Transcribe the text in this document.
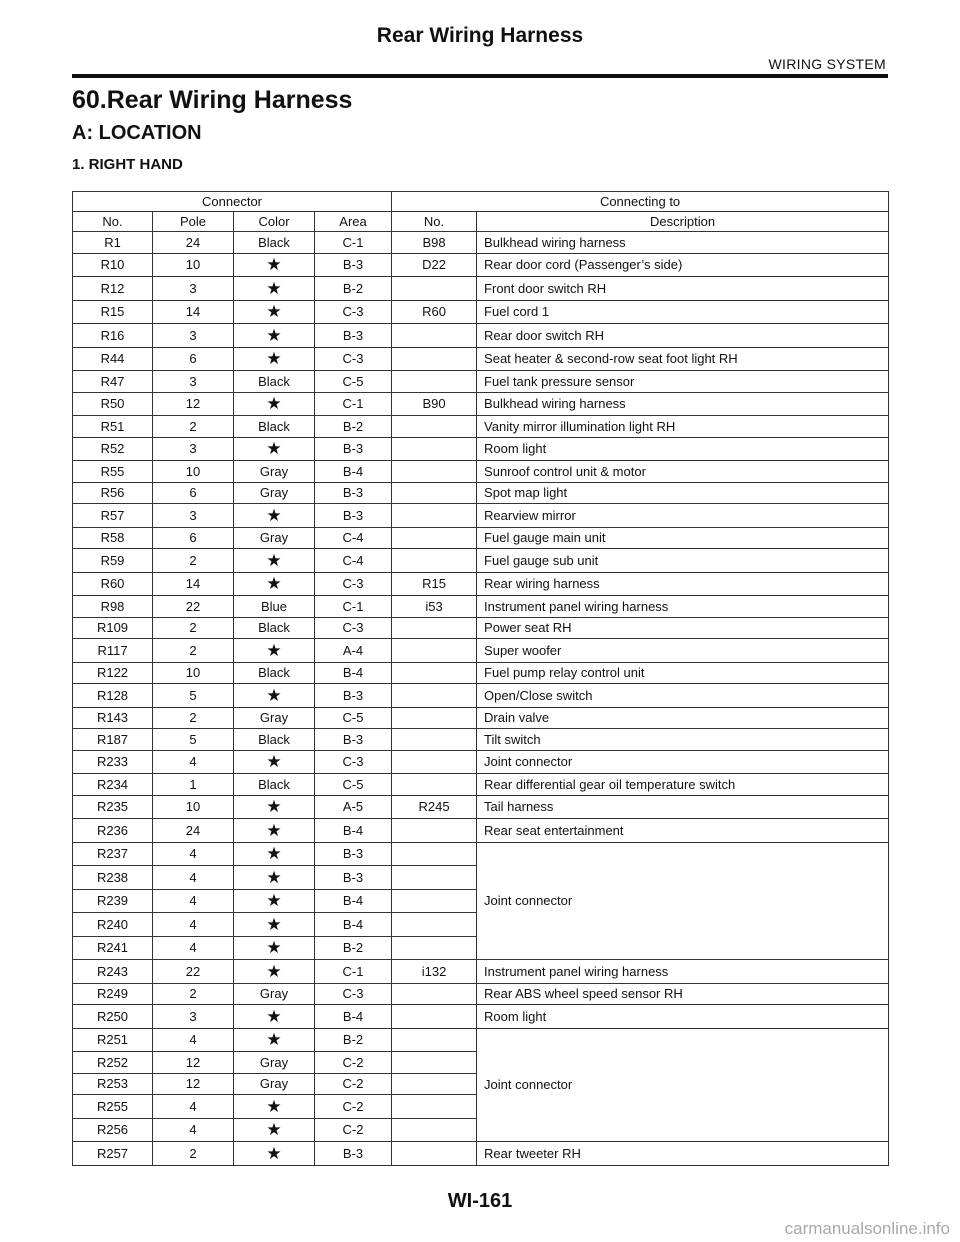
Rear Wiring Harness
WIRING SYSTEM
60.Rear Wiring Harness
A: LOCATION
1. RIGHT HAND
Connector				Connecting to	
No.	Pole	Color	Area	No.	Description
R1	24	Black	C-1	B98	Bulkhead wiring harness
R10	10	★	B-3	D22	Rear door cord (Passenger’s side)
R12	3	★	B-2		Front door switch RH
R15	14	★	C-3	R60	Fuel cord 1
R16	3	★	B-3		Rear door switch RH
R44	6	★	C-3		Seat heater & second-row seat foot light RH
R47	3	Black	C-5		Fuel tank pressure sensor
R50	12	★	C-1	B90	Bulkhead wiring harness
R51	2	Black	B-2		Vanity mirror illumination light RH
R52	3	★	B-3		Room light
R55	10	Gray	B-4		Sunroof control unit & motor
R56	6	Gray	B-3		Spot map light
R57	3	★	B-3		Rearview mirror
R58	6	Gray	C-4		Fuel gauge main unit
R59	2	★	C-4		Fuel gauge sub unit
R60	14	★	C-3	R15	Rear wiring harness
R98	22	Blue	C-1	i53	Instrument panel wiring harness
R109	2	Black	C-3		Power seat RH
R117	2	★	A-4		Super woofer
R122	10	Black	B-4		Fuel pump relay control unit
R128	5	★	B-3		Open/Close switch
R143	2	Gray	C-5		Drain valve
R187	5	Black	B-3		Tilt switch
R233	4	★	C-3		Joint connector
R234	1	Black	C-5		Rear differential gear oil temperature switch
R235	10	★	A-5	R245	Tail harness
R236	24	★	B-4		Rear seat entertainment
R237	4	★	B-3		Joint connector
R238	4	★	B-3		
R239	4	★	B-4		
R240	4	★	B-4		
R241	4	★	B-2		
R243	22	★	C-1	i132	Instrument panel wiring harness
R249	2	Gray	C-3		Rear ABS wheel speed sensor RH
R250	3	★	B-4		Room light
R251	4	★	B-2		Joint connector
R252	12	Gray	C-2		
R253	12	Gray	C-2		
R255	4	★	C-2		
R256	4	★	C-2		
R257	2	★	B-3		Rear tweeter RH
WI-161
carmanualsonline.info
